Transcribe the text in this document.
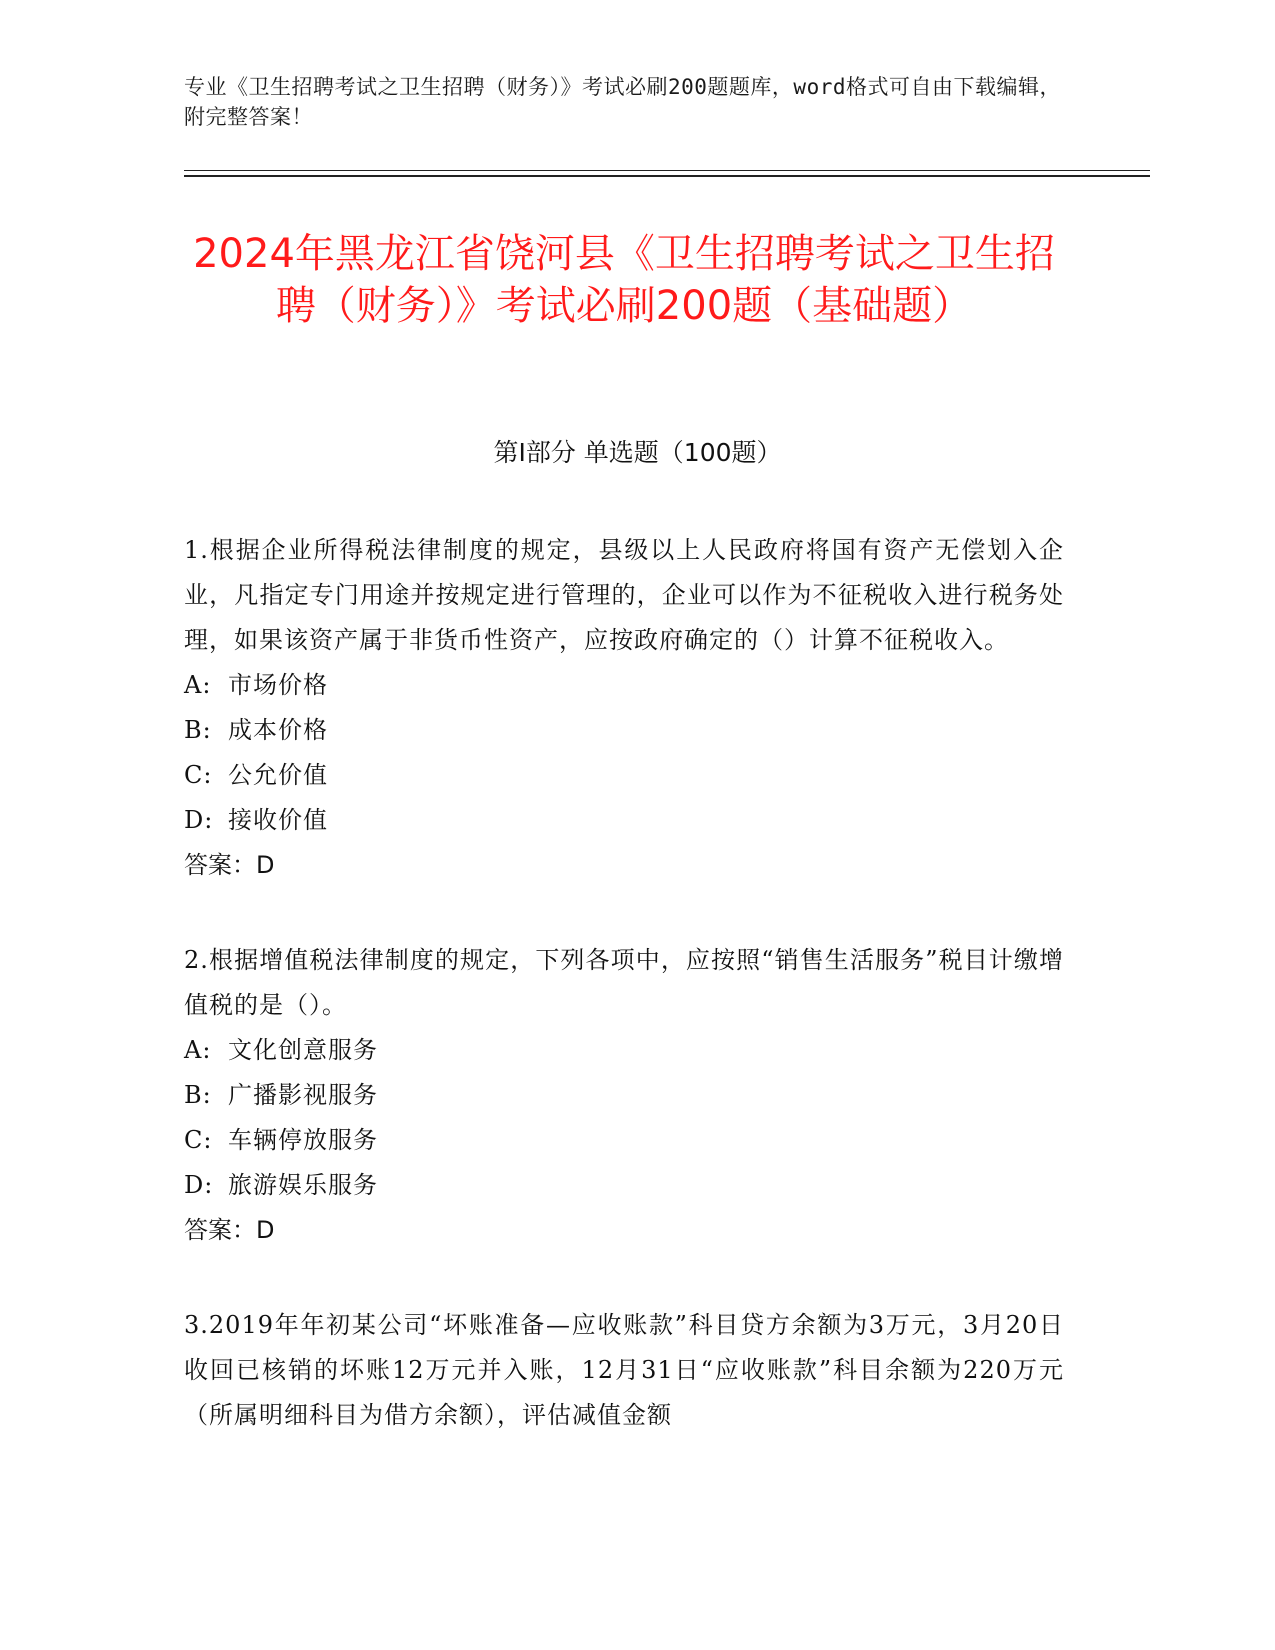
专业《卫生招聘考试之卫生招聘（财务）》考试必刷200题题库，word格式可自由下载编辑，附完整答案！
2024年黑龙江省饶河县《卫生招聘考试之卫生招聘（财务）》考试必刷200题（基础题）
第I部分 单选题（100题）
1.根据企业所得税法律制度的规定，县级以上人民政府将国有资产无偿划入企业，凡指定专门用途并按规定进行管理的，企业可以作为不征税收入进行税务处理，如果该资产属于非货币性资产，应按政府确定的（）计算不征税收入。
A: 市场价格
B: 成本价格
C: 公允价值
D: 接收价值
答案：D
2.根据增值税法律制度的规定，下列各项中，应按照“销售生活服务”税目计缴增值税的是（）。
A: 文化创意服务
B: 广播影视服务
C: 车辆停放服务
D: 旅游娱乐服务
答案：D
3.2019年年初某公司“坏账准备—应收账款”科目贷方余额为3万元，3月20日收回已核销的坏账12万元并入账，12月31日“应收账款”科目余额为220万元（所属明细科目为借方余额），评估减值金额
